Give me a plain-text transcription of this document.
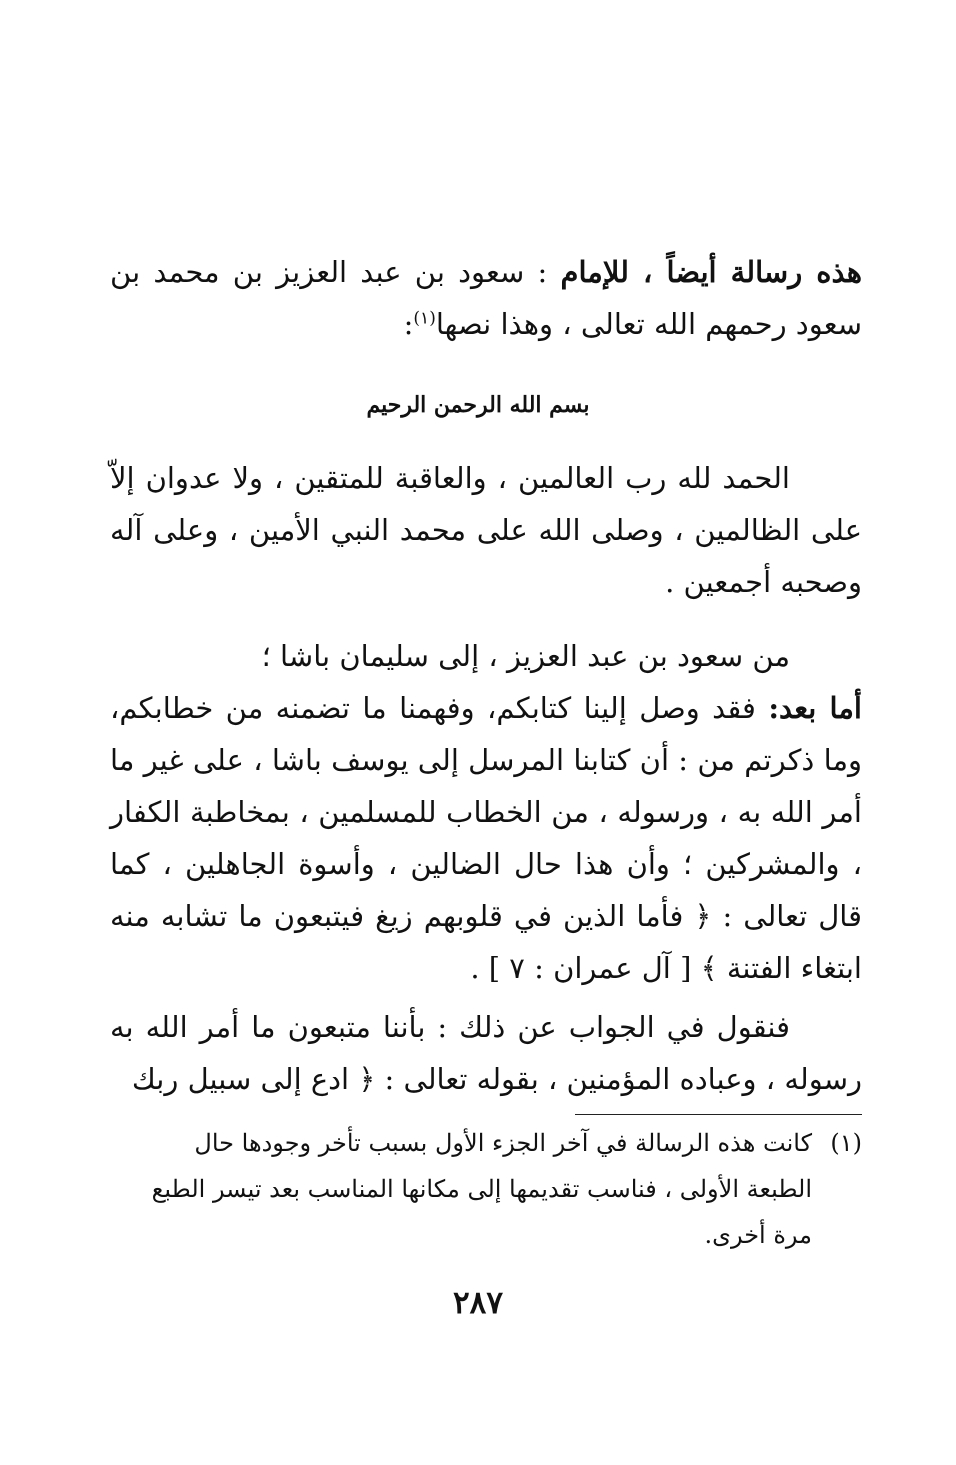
هذه رسالة أيضاً ، للإمام : سعود بن عبد العزيز بن محمد بن سعود رحمهم الله تعالى ، وهذا نصها$^{(١)}$:
بسم الله الرحمن الرحيم
الحمد لله رب العالمين ، والعاقبة للمتقين ، ولا عدوان إلاّ على الظالمين ، وصلى الله على محمد النبي الأمين ، وعلى آله وصحبه أجمعين .
من سعود بن عبد العزيز ، إلى سليمان باشا ؛
أما بعد: فقد وصل إلينا كتابكم، وفهمنا ما تضمنه من خطابكم، وما ذكرتم من : أن كتابنا المرسل إلى يوسف باشا ، على غير ما أمر الله به ، ورسوله ، من الخطاب للمسلمين ، بمخاطبة الكفار ، والمشركين ؛ وأن هذا حال الضالين ، وأسوة الجاهلين ، كما قال تعالى : ﴿ فأما الذين في قلوبهم زيغ فيتبعون ما تشابه منه ابتغاء الفتنة ﴾ [ آل عمران : ٧ ] .
فنقول في الجواب عن ذلك : بأننا متبعون ما أمر الله به رسوله ، وعباده المؤمنين ، بقوله تعالى : ﴿ ادع إلى سبيل ربك
(١)كانت هذه الرسالة في آخر الجزء الأول بسبب تأخر وجودها حال
الطبعة الأولى ، فناسب تقديمها إلى مكانها المناسب بعد تيسر الطبع مرة أخرى.
٢٨٧
